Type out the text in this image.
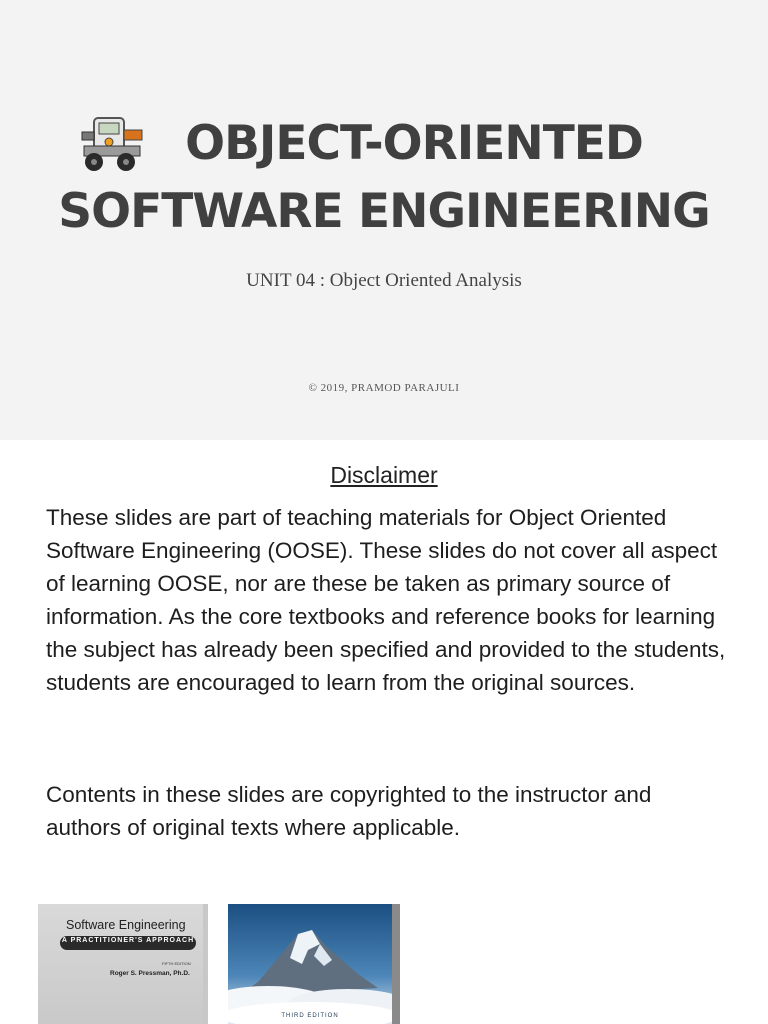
OBJECT-ORIENTED
SOFTWARE ENGINEERING
UNIT 04 : Object Oriented Analysis
© 2019, PRAMOD PARAJULI
Disclaimer
These slides are part of teaching materials for Object Oriented Software Engineering (OOSE). These slides do not cover all aspect of learning OOSE, nor are these be taken as primary source of information. As the core textbooks and reference books for learning the subject has already been specified and provided to the students, students are encouraged to learn from the original sources.
Contents in these slides are copyrighted to the instructor and authors of original texts where applicable.
Software Engineering
A PRACTITIONER'S APPROACH
FIFTH EDITION
Roger S. Pressman, Ph.D.
THIRD EDITION
